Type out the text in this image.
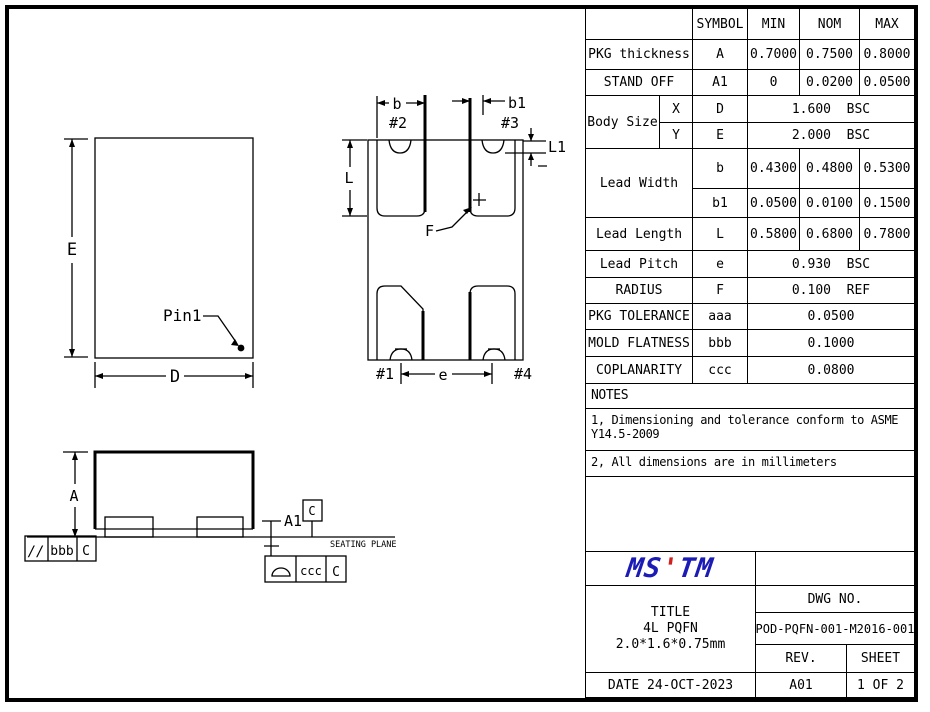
E
D
Pin1
b	b1
L1
L
F
e
#2	#3
#1	#4
A
A1
C
SEATING PLANE
// bbb C
ccc C
SYMBOL	MIN	NOM	MAX
PKG thickness	A	0.7000 0.7500 0.8000
STAND OFF	A1	0	0.0200 0.0500
Body Size
X	D	1.600  BSC
Y	E	2.000  BSC
Lead Width
b	0.4300 0.4800 0.5300
b1	0.0500 0.0100 0.1500
Lead Length	L	0.5800 0.6800 0.7800
Lead Pitch	e	0.930  BSC
RADIUS	F	0.100  REF
PKG TOLERANCE	aaa	0.0500
MOLD FLATNESS	bbb	0.1000
COPLANARITY	ccc	0.0800
NOTES
1, Dimensioning and tolerance conform to ASME
Y14.5-2009
2, All dimensions are in millimeters
MS'TM
TITLE
4L PQFN
2.0*1.6*0.75mm
DWG NO.
POD-PQFN-001-M2016-001
REV.	SHEET
DATE 24-OCT-2023	A01	1 OF 2
